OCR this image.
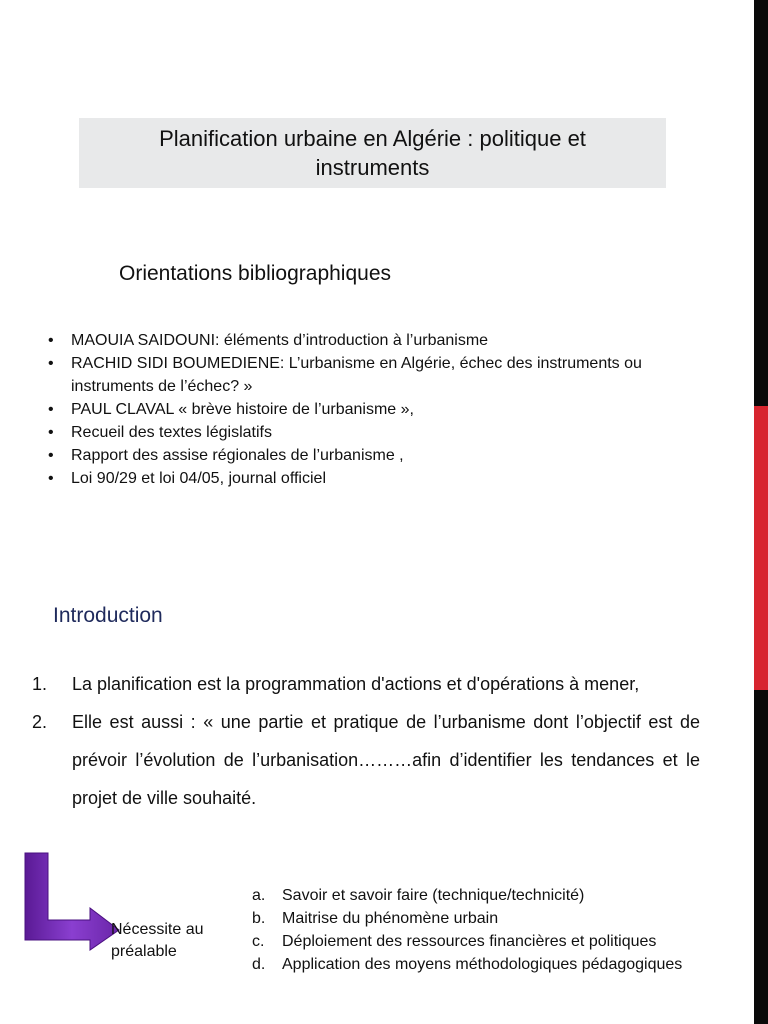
Planification urbaine en Algérie : politique et instruments
Orientations bibliographiques
• MAOUIA SAIDOUNI: éléments d’introduction à l’urbanisme
• RACHID SIDI BOUMEDIENE: L’urbanisme en Algérie, échec des instruments ou instruments de l’échec? »
• PAUL CLAVAL « brève histoire de l’urbanisme »,
• Recueil des textes législatifs
• Rapport des assise régionales de l’urbanisme ,
• Loi 90/29 et loi 04/05, journal officiel
Introduction
1. La planification est la programmation d'actions et d'opérations à mener,
2. Elle est aussi : « une partie et pratique de l’urbanisme dont l’objectif est de prévoir l’évolution de l’urbanisation………afin d’identifier les tendances et le projet de ville souhaité.
Nécessite au préalable
a. Savoir et savoir faire (technique/technicité)
b. Maitrise du phénomène urbain
c. Déploiement des ressources financières et politiques
d. Application des moyens méthodologiques pédagogiques
